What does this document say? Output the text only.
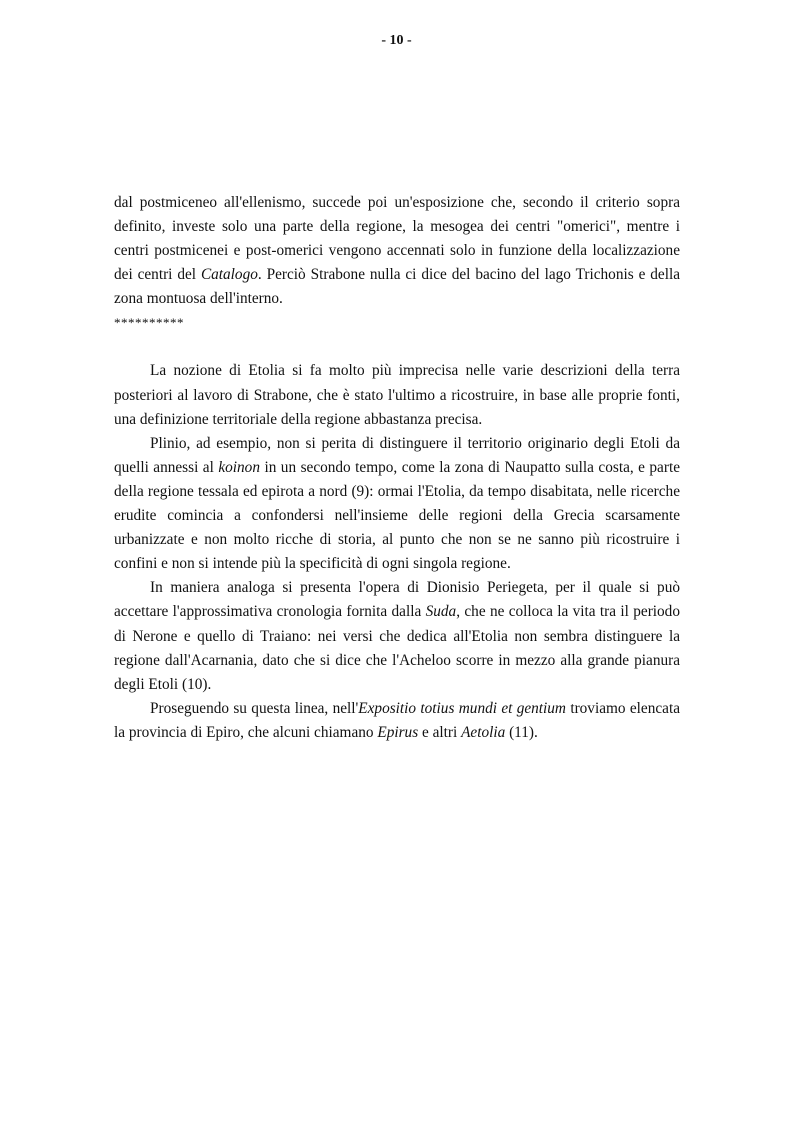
- 10 -

dal postmiceneo all'ellenismo, succede poi un'esposizione che, secondo il criterio sopra definito, investe solo una parte della regione, la mesogea dei centri "omerici", mentre i centri postmicenei e post-omerici vengono accennati solo in funzione della localizzazione dei centri del Catalogo. Perciò Strabone nulla ci dice del bacino del lago Trichonis e della zona montuosa dell'interno.

**********

La nozione di Etolia si fa molto più imprecisa nelle varie descrizioni della terra posteriori al lavoro di Strabone, che è stato l'ultimo a ricostruire, in base alle proprie fonti, una definizione territoriale della regione abbastanza precisa.

Plinio, ad esempio, non si perita di distinguere il territorio originario degli Etoli da quelli annessi al koinon in un secondo tempo, come la zona di Naupatto sulla costa, e parte della regione tessala ed epirota a nord (9): ormai l'Etolia, da tempo disabitata, nelle ricerche erudite comincia a confondersi nell'insieme delle regioni della Grecia scarsamente urbanizzate e non molto ricche di storia, al punto che non se ne sanno più ricostruire i confini e non si intende più la specificità di ogni singola regione.

In maniera analoga si presenta l'opera di Dionisio Periegeta, per il quale si può accettare l'approssimativa cronologia fornita dalla Suda, che ne colloca la vita tra il periodo di Nerone e quello di Traiano: nei versi che dedica all'Etolia non sembra distinguere la regione dall'Acarnania, dato che si dice che l'Acheloo scorre in mezzo alla grande pianura degli Etoli (10).

Proseguendo su questa linea, nell'Expositio totius mundi et gentium troviamo elencata la provincia di Epiro, che alcuni chiamano Epirus e altri Aetolia (11).
